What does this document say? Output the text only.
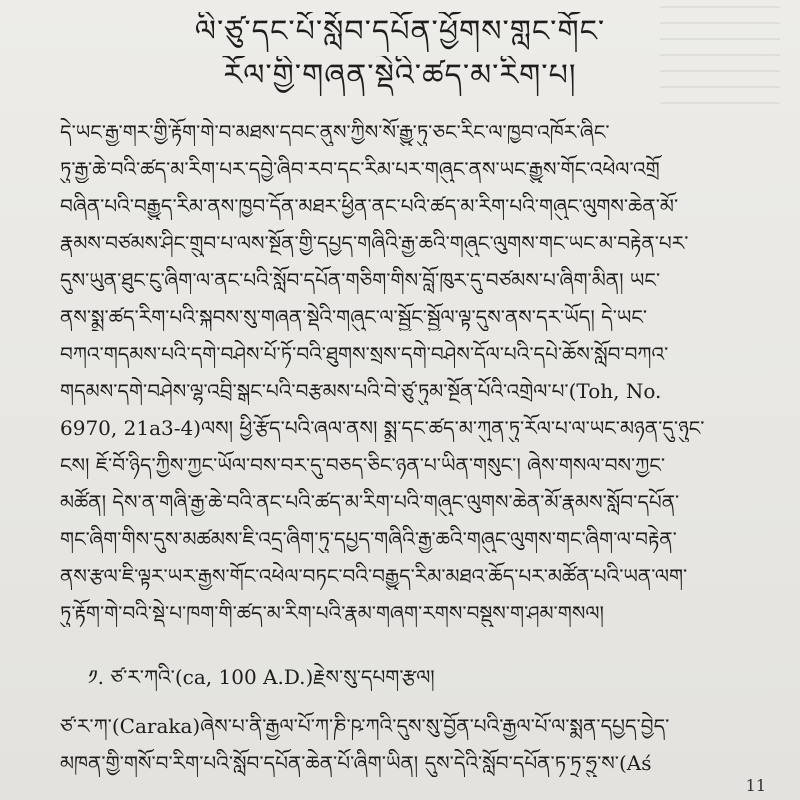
ལི་ཙུ་དང་པོ་སློབ་དཔོན་ཕྱོགས་གླང་གོང་
རོལ་གྱི་གཞན་སྡེའི་ཚད་མ་རིག་པ།
དེ་ཡང་རྒྱ་གར་གྱི་རྟོག་གེ་བ་མཐས་དབང་ནུས་ཀྱིས་སོ་རྒྱུ་ཏུ་ཅང་རིང་ལ་ཁྱབ་འཁོར་ཞིང་
ཏུ་རྒྱ་ཆེ་བའི་ཚད་མ་རིག་པར་དབྱེ་ཞིབ་རབ་དང་རིམ་པར་གཞུང་ནས་ཡང་རྒྱུས་གོང་འཕེལ་འགྲོ
བཞིན་པའི་བརྒྱུད་རིམ་ནས་ཁྱབ་དོན་མཐར་ཕྱིན་ནང་པའི་ཚད་མ་རིག་པའི་གཞུང་ལུགས་ཆེན་མོ་
རྣམས་བཙམས་ཤིང་གྲུབ་པ་ལས་སྔོན་གྱི་དཔྱད་གཞིའི་རྒྱ་ཆའི་གཞུང་ལུགས་གང་ཡང་མ་བརྟེན་པར་
དུས་ཡུན་ཐུང་ངུ་ཞིག་ལ་ནང་པའི་སློབ་དཔོན་གཅིག་གིས་བློ་ཁུར་དུ་བཙམས་པ་ཞིག་མིན། ཡང་
ནས་སྨྲ་ཚད་རིག་པའི་སྐབས་སུ་གཞན་སྡེའི་གཞུང་ལ་སྦྱོང་སྦྱོལ་ལྟ་དུས་ནས་དར་ཡོད། དེ་ཡང་
བཀའ་གདམས་པའི་དགེ་བཤེས་པོ་ཏོ་བའི་ཐུགས་སྲས་དགེ་བཤེས་དོལ་པའི་དཔེ་ཆོས་སློབ་བཀའ་
གདམས་དགེ་བཤེས་ལྷ་འབྲི་སྒང་པའི་བརྩམས་པའི་བེ་ཙུ་ཏུམ་སྔོན་པོའི་འགྲེལ་པ་(Toh, No.
6970, 21a3-4)ལས། ཕྱི་རྩོད་པའི་ཞལ་ནས། སྨྲ་དང་ཚད་མ་ཀུན་ཏུ་རོལ་པ་ལ་ཡང་མཉན་དུ་ཉུང་
ངས། ཇོ་བོ་ཉིད་ཀྱིས་ཀྱང་ཡོལ་བས་བར་དུ་བཅད་ཅིང་ཉན་པ་ཡིན་གསུང་། ཞེས་གསལ་བས་ཀྱང་
མཚོན། དེས་ན་གཞི་རྒྱ་ཆེ་བའི་ནང་པའི་ཚད་མ་རིག་པའི་གཞུང་ལུགས་ཆེན་མོ་རྣམས་སློབ་དཔོན་
གང་ཞིག་གིས་དུས་མཚམས་ཇི་འདྲ་ཞིག་ཏུ་དཔྱད་གཞིའི་རྒྱ་ཆའི་གཞུང་ལུགས་གང་ཞིག་ལ་བརྟེན་
ནས་རྩལ་ཇི་ལྟར་ཡར་རྒྱས་གོང་འཕེལ་བཏང་བའི་བརྒྱུད་རིམ་མཐའ་ཆོད་པར་མཚོན་པའི་ཡན་ལག་
ཏུ་རྟོག་གེ་བའི་སྡེ་པ་ཁག་གི་ཚད་མ་རིག་པའི་རྣམ་གཞག་རགས་བསྡུས་ག་ཤམ་གསལ།
༡. ཙ་ར་ཀའི་(ca, 100 A.D.)རྗེས་སུ་དཔག་རྩལ།
ཙ་ར་ཀ་(Caraka)ཞེས་པ་ནི་རྒྱལ་པོ་ཀ་ཎི་ཥ་ཀའི་དུས་སུ་བྱོན་པའི་རྒྱལ་པོ་ལ་སྨན་དཔྱད་བྱེད་
མཁན་གྱི་གསོ་བ་རིག་པའི་སློབ་དཔོན་ཆེན་པོ་ཞིག་ཡིན། དུས་དེའི་སློབ་དཔོན་ཏ་ཏྲ་ཧྲུ་ས་(Aś
11
